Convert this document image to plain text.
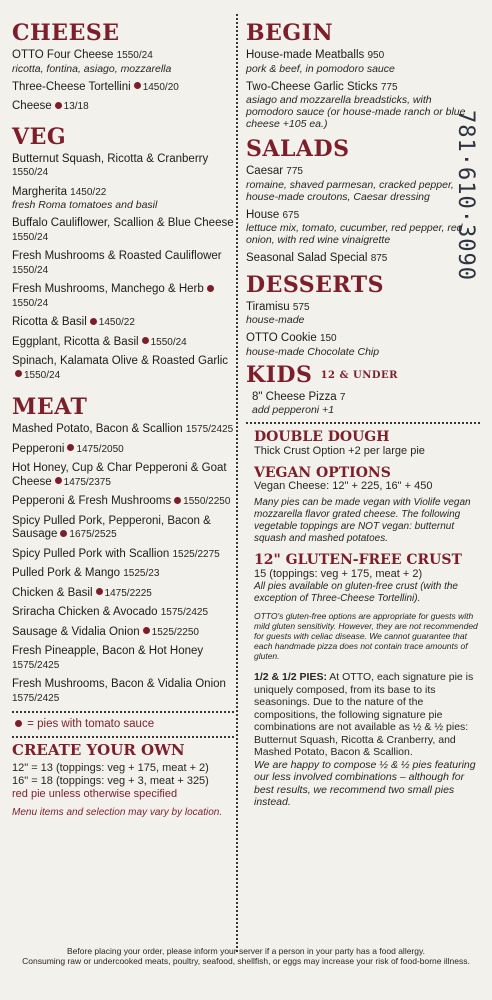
CHEESE
OTTO Four Cheese 1550/24
ricotta, fontina, asiago, mozzarella
Three-Cheese Tortellini 1450/20
Cheese 13/18
VEG
Butternut Squash, Ricotta & Cranberry 1550/24
Margherita 1450/22
fresh Roma tomatoes and basil
Buffalo Cauliflower, Scallion & Blue Cheese 1550/24
Fresh Mushrooms & Roasted Cauliflower 1550/24
Fresh Mushrooms, Manchego & Herb1550/24
Ricotta & Basil 1450/22
Eggplant, Ricotta & Basil 1550/24
Spinach, Kalamata Olive & Roasted Garlic1550/24
MEAT
Mashed Potato, Bacon & Scallion 1575/2425
Pepperoni 1475/2050
Hot Honey, Cup & Char Pepperoni & Goat Cheese 1475/2375
Pepperoni & Fresh Mushrooms 1550/2250
Spicy Pulled Pork, Pepperoni, Bacon & Sausage 1675/2525
Spicy Pulled Pork with Scallion 1525/2275
Pulled Pork & Mango 1525/23
Chicken & Basil 1475/2225
Sriracha Chicken & Avocado 1575/2425
Sausage & Vidalia Onion 1525/2250
Fresh Pineapple, Bacon & Hot Honey 1575/2425
Fresh Mushrooms, Bacon & Vidalia Onion 1575/2425
= pies with tomato sauce
CREATE YOUR OWN
12" = 13 (toppings: veg + 175, meat + 2)
16" = 18 (toppings: veg + 3, meat + 325)
red pie unless otherwise specified
Menu items and selection may vary by location.
BEGIN
House-made Meatballs 950
pork & beef, in pomodoro sauce
Two-Cheese Garlic Sticks 775
asiago and mozzarella breadsticks, with pomodoro sauce (or house-made ranch or blue cheese +105 ea.)
SALADS
Caesar 775
romaine, shaved parmesan, cracked pepper, house-made croutons, Caesar dressing
House 675
lettuce mix, tomato, cucumber, red pepper, red onion, with red wine vinaigrette
Seasonal Salad Special 875
DESSERTS
Tiramisu 575
house-made
OTTO Cookie 150
house-made Chocolate Chip
KIDS 12 & UNDER
8" Cheese Pizza 7
add pepperoni +1
DOUBLE DOUGH
Thick Crust Option +2 per large pie
VEGAN OPTIONS
Vegan Cheese: 12" + 225, 16" + 450
Many pies can be made vegan with Violife vegan mozzarella flavor grated cheese. The following vegetable toppings are NOT vegan: butternut squash and mashed potatoes.
12" GLUTEN-FREE CRUST
15 (toppings: veg + 175, meat + 2)
All pies available on gluten-free crust (with the exception of Three-Cheese Tortellini).
OTTO's gluten-free options are appropriate for guests with mild gluten sensitivity. However, they are not recommended for guests with celiac disease. We cannot guarantee that each handmade pizza does not contain trace amounts of gluten.
1/2 & 1/2 PIES: At OTTO, each signature pie is uniquely composed, from its base to its seasonings. Due to the nature of the compositions, the following signature pie combinations are not available as ½ & ½ pies: Butternut Squash, Ricotta & Cranberry, and Mashed Potato, Bacon & Scallion.
We are happy to compose ½ & ½ pies featuring our less involved combinations – although for best results, we recommend two small pies instead.
781·610·3090
Before placing your order, please inform your server if a person in your party has a food allergy.
Consuming raw or undercooked meats, poultry, seafood, shellfish, or eggs may increase your risk of food-borne illness.
